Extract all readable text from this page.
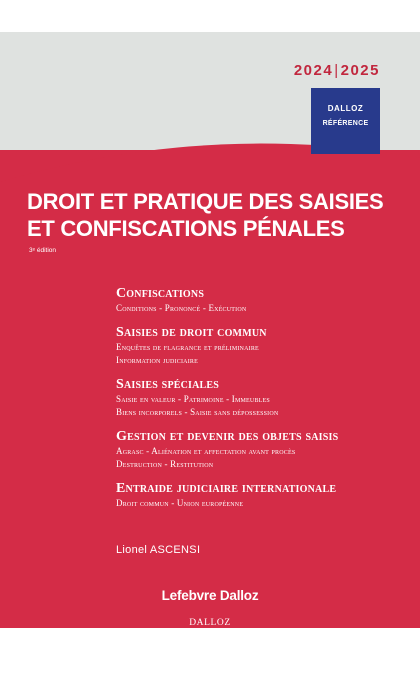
2024|2025
DALLOZ
RÉFÉRENCE
DROIT ET PRATIQUE DES SAISIES
ET CONFISCATIONS PÉNALES
3ᵉ édition
Confiscations
Conditions - Prononcé - Exécution
Saisies de droit commun
Enquêtes de flagrance et préliminaire
Information judiciaire
Saisies spéciales
Saisie en valeur - Patrimoine - Immeubles
Biens incorporels - Saisie sans dépossession
Gestion et devenir des objets saisis
Agrasc - Aliénation et affectation avant procès
Destruction - Restitution
Entraide judiciaire internationale
Droit commun - Union européenne
Lionel ASCENSI
Lefebvre Dalloz
DALLOZ
